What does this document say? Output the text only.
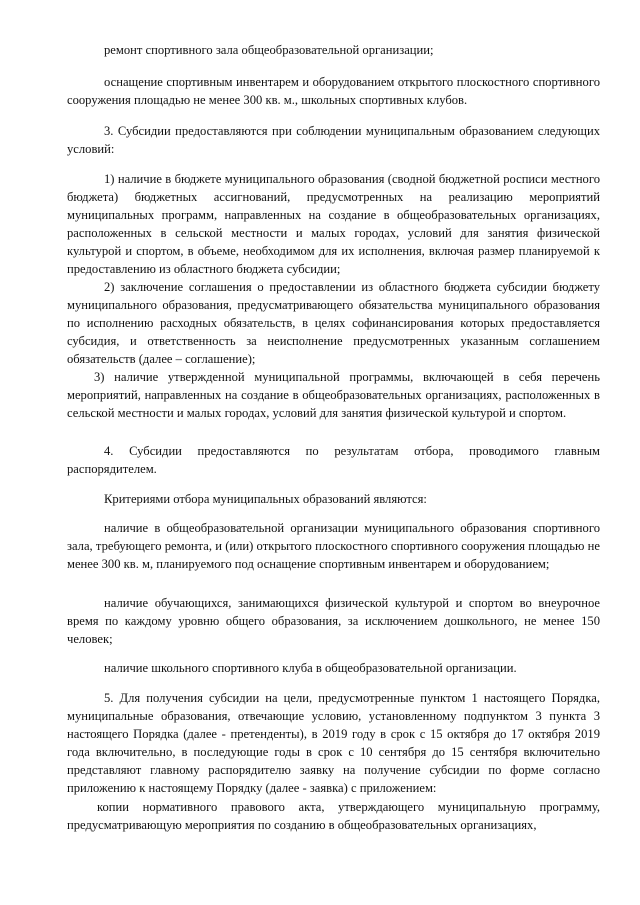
ремонт спортивного зала общеобразовательной организации;

оснащение спортивным инвентарем и оборудованием открытого плоскостного спортивного сооружения площадью не менее 300 кв. м., школьных спортивных клубов.

3. Субсидии предоставляются при соблюдении муниципальным образованием следующих условий:

1) наличие в бюджете муниципального образования (сводной бюджетной росписи местного бюджета) бюджетных ассигнований, предусмотренных на реализацию мероприятий муниципальных программ, направленных на создание в общеобразовательных организациях, расположенных в сельской местности и малых городах, условий для занятия физической культурой и спортом, в объеме, необходимом для их исполнения, включая размер планируемой к предоставлению из областного бюджета субсидии;

2) заключение соглашения о предоставлении из областного бюджета субсидии бюджету муниципального образования, предусматривающего обязательства муниципального образования по исполнению расходных обязательств, в целях софинансирования которых предоставляется субсидия, и ответственность за неисполнение предусмотренных указанным соглашением обязательств (далее – соглашение);

3) наличие утвержденной муниципальной программы, включающей в себя перечень мероприятий, направленных на создание в общеобразовательных организациях, расположенных в сельской местности и малых городах, условий для занятия физической культурой и спортом.

4. Субсидии предоставляются по результатам отбора, проводимого главным распорядителем.

Критериями отбора муниципальных образований являются:

наличие в общеобразовательной организации муниципального образования спортивного зала, требующего ремонта, и (или) открытого плоскостного спортивного сооружения площадью не менее 300 кв. м, планируемого под оснащение спортивным инвентарем и оборудованием;

наличие обучающихся, занимающихся физической культурой и спортом во внеурочное время по каждому уровню общего образования, за исключением дошкольного, не менее 150 человек;

наличие школьного спортивного клуба в общеобразовательной организации.

5. Для получения субсидии на цели, предусмотренные пунктом 1 настоящего Порядка, муниципальные образования, отвечающие условию, установленному подпунктом 3 пункта 3 настоящего Порядка (далее - претенденты), в 2019 году в срок с 15 октября до 17 октября 2019 года включительно, в последующие годы в срок с 10 сентября до 15 сентября включительно представляют главному распорядителю заявку на получение субсидии по форме согласно приложению к настоящему Порядку (далее - заявка) с приложением:

копии нормативного правового акта, утверждающего муниципальную программу, предусматривающую мероприятия по созданию в общеобразовательных организациях,
